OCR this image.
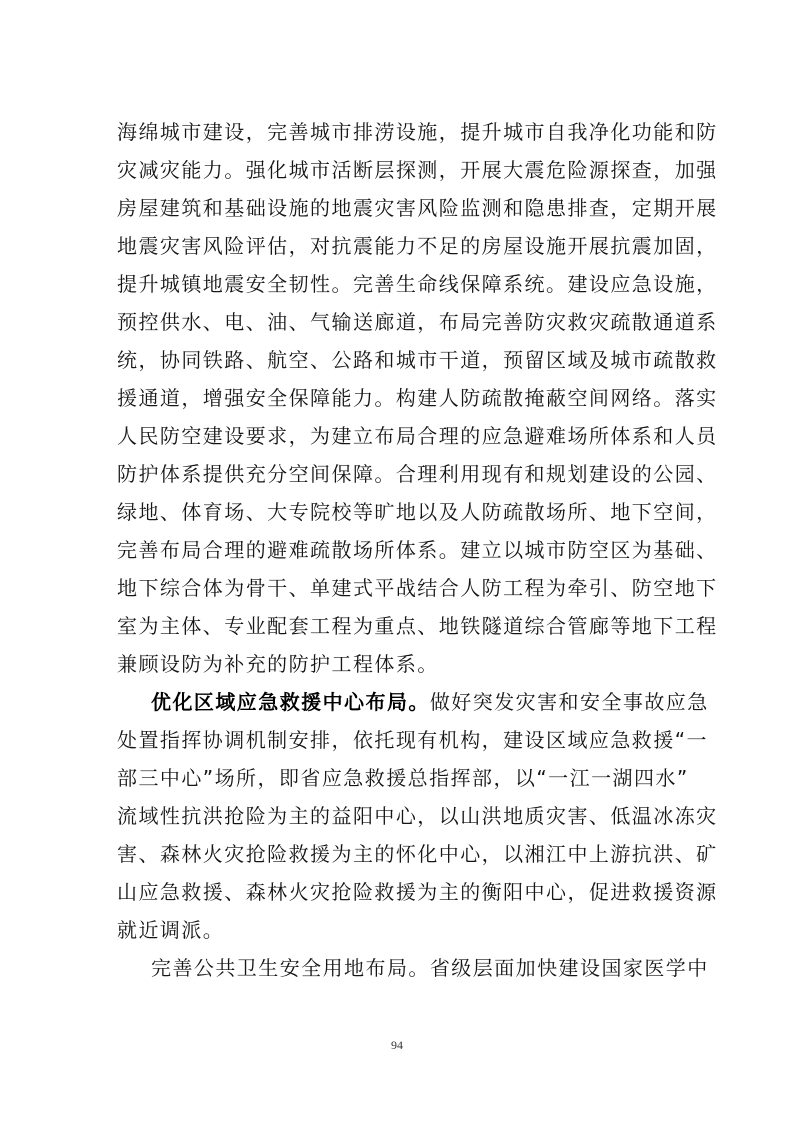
海绵城市建设，完善城市排涝设施，提升城市自我净化功能和防
灾减灾能力。强化城市活断层探测，开展大震危险源探查，加强
房屋建筑和基础设施的地震灾害风险监测和隐患排查，定期开展
地震灾害风险评估，对抗震能力不足的房屋设施开展抗震加固，
提升城镇地震安全韧性。完善生命线保障系统。建设应急设施，
预控供水、电、油、气输送廊道，布局完善防灾救灾疏散通道系
统，协同铁路、航空、公路和城市干道，预留区域及城市疏散救
援通道，增强安全保障能力。构建人防疏散掩蔽空间网络。落实
人民防空建设要求，为建立布局合理的应急避难场所体系和人员
防护体系提供充分空间保障。合理利用现有和规划建设的公园、
绿地、体育场、大专院校等旷地以及人防疏散场所、地下空间，
完善布局合理的避难疏散场所体系。建立以城市防空区为基础、
地下综合体为骨干、单建式平战结合人防工程为牵引、防空地下
室为主体、专业配套工程为重点、地铁隧道综合管廊等地下工程
兼顾设防为补充的防护工程体系。
优化区域应急救援中心布局。做好突发灾害和安全事故应急
处置指挥协调机制安排，依托现有机构，建设区域应急救援“一
部三中心”场所，即省应急救援总指挥部，以“一江一湖四水”
流域性抗洪抢险为主的益阳中心，以山洪地质灾害、低温冰冻灾
害、森林火灾抢险救援为主的怀化中心，以湘江中上游抗洪、矿
山应急救援、森林火灾抢险救援为主的衡阳中心，促进救援资源
就近调派。
完善公共卫生安全用地布局。省级层面加快建设国家医学中
94
